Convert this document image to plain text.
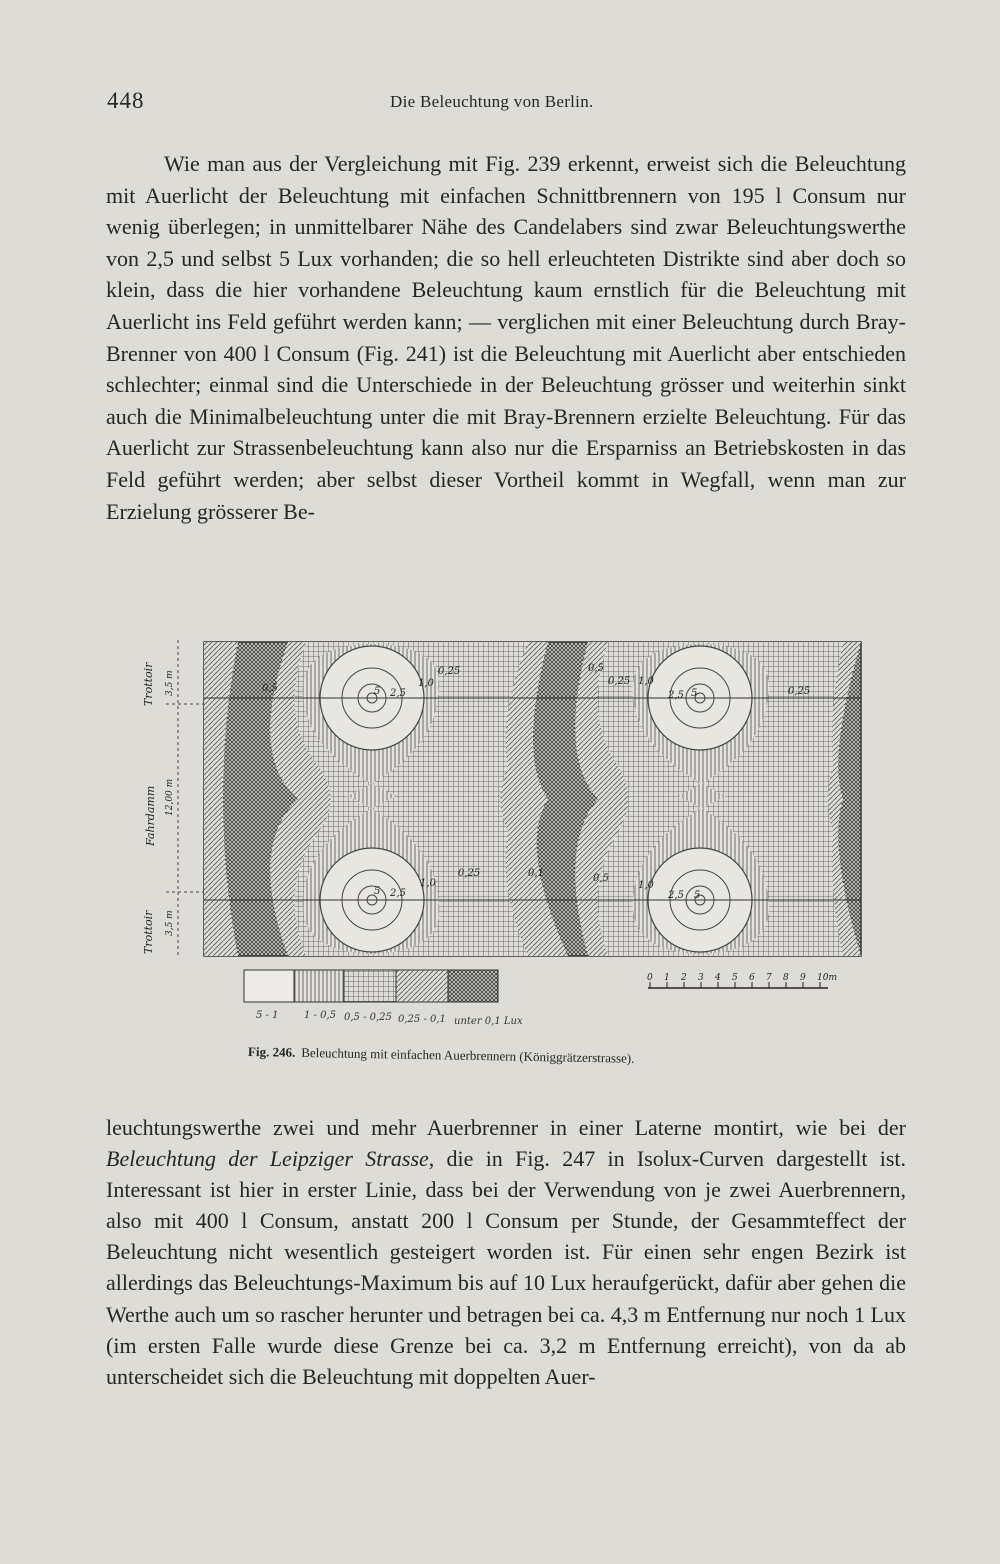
448	Die Beleuchtung von Berlin.

Wie man aus der Vergleichung mit Fig. 239 erkennt, erweist sich die Beleuchtung mit Auerlicht der Beleuchtung mit einfachen Schnittbrennern von 195 l Consum nur wenig überlegen; in unmittelbarer Nähe des Candelabers sind zwar Beleuchtungswerthe von 2,5 und selbst 5 Lux vorhanden; die so hell erleuchteten Distrikte sind aber doch so klein, dass die hier vorhandene Beleuchtung kaum ernstlich für die Beleuchtung mit Auerlicht ins Feld geführt werden kann; — verglichen mit einer Beleuchtung durch Bray-Brenner von 400 l Consum (Fig. 241) ist die Beleuchtung mit Auerlicht aber entschieden schlechter; einmal sind die Unterschiede in der Beleuchtung grösser und weiterhin sinkt auch die Minimalbeleuchtung unter die mit Bray-Brennern erzielte Beleuchtung. Für das Auerlicht zur Strassenbeleuchtung kann also nur die Ersparniss an Betriebskosten in das Feld geführt werden; aber selbst dieser Vortheil kommt in Wegfall, wenn man zur Erzielung grösserer Be-

5 2,5
1,0
5 2,5
1,0
5
2,5
1,0
5
2,5
1,0
0,5
0,25	0,5
0,25
0,25	0,1	0,5
0,25
Trottoir 3,5 m
Fahrdamm 12,00 m
Trottoir 3,5 m
5 - 1	1 - 0,5 0,5 - 0,25 0,25 - 0,1 unter 0,1 Lux
0 1 2 3 4 5 6 7 8 9 10m
Fig. 246. Beleuchtung mit einfachen Auerbrennern (Königgrätzerstrasse).

leuchtungswerthe zwei und mehr Auerbrenner in einer Laterne montirt, wie bei der Beleuchtung der Leipziger Strasse, die in Fig. 247 in Isolux-Curven dargestellt ist. Interessant ist hier in erster Linie, dass bei der Verwendung von je zwei Auerbrennern, also mit 400 l Consum, anstatt 200 l Consum per Stunde, der Gesammteffect der Beleuchtung nicht wesentlich gesteigert worden ist. Für einen sehr engen Bezirk ist allerdings das Beleuchtungs-Maximum bis auf 10 Lux heraufgerückt, dafür aber gehen die Werthe auch um so rascher herunter und betragen bei ca. 4,3 m Entfernung nur noch 1 Lux (im ersten Falle wurde diese Grenze bei ca. 3,2 m Entfernung erreicht), von da ab unterscheidet sich die Beleuchtung mit doppelten Auer-
